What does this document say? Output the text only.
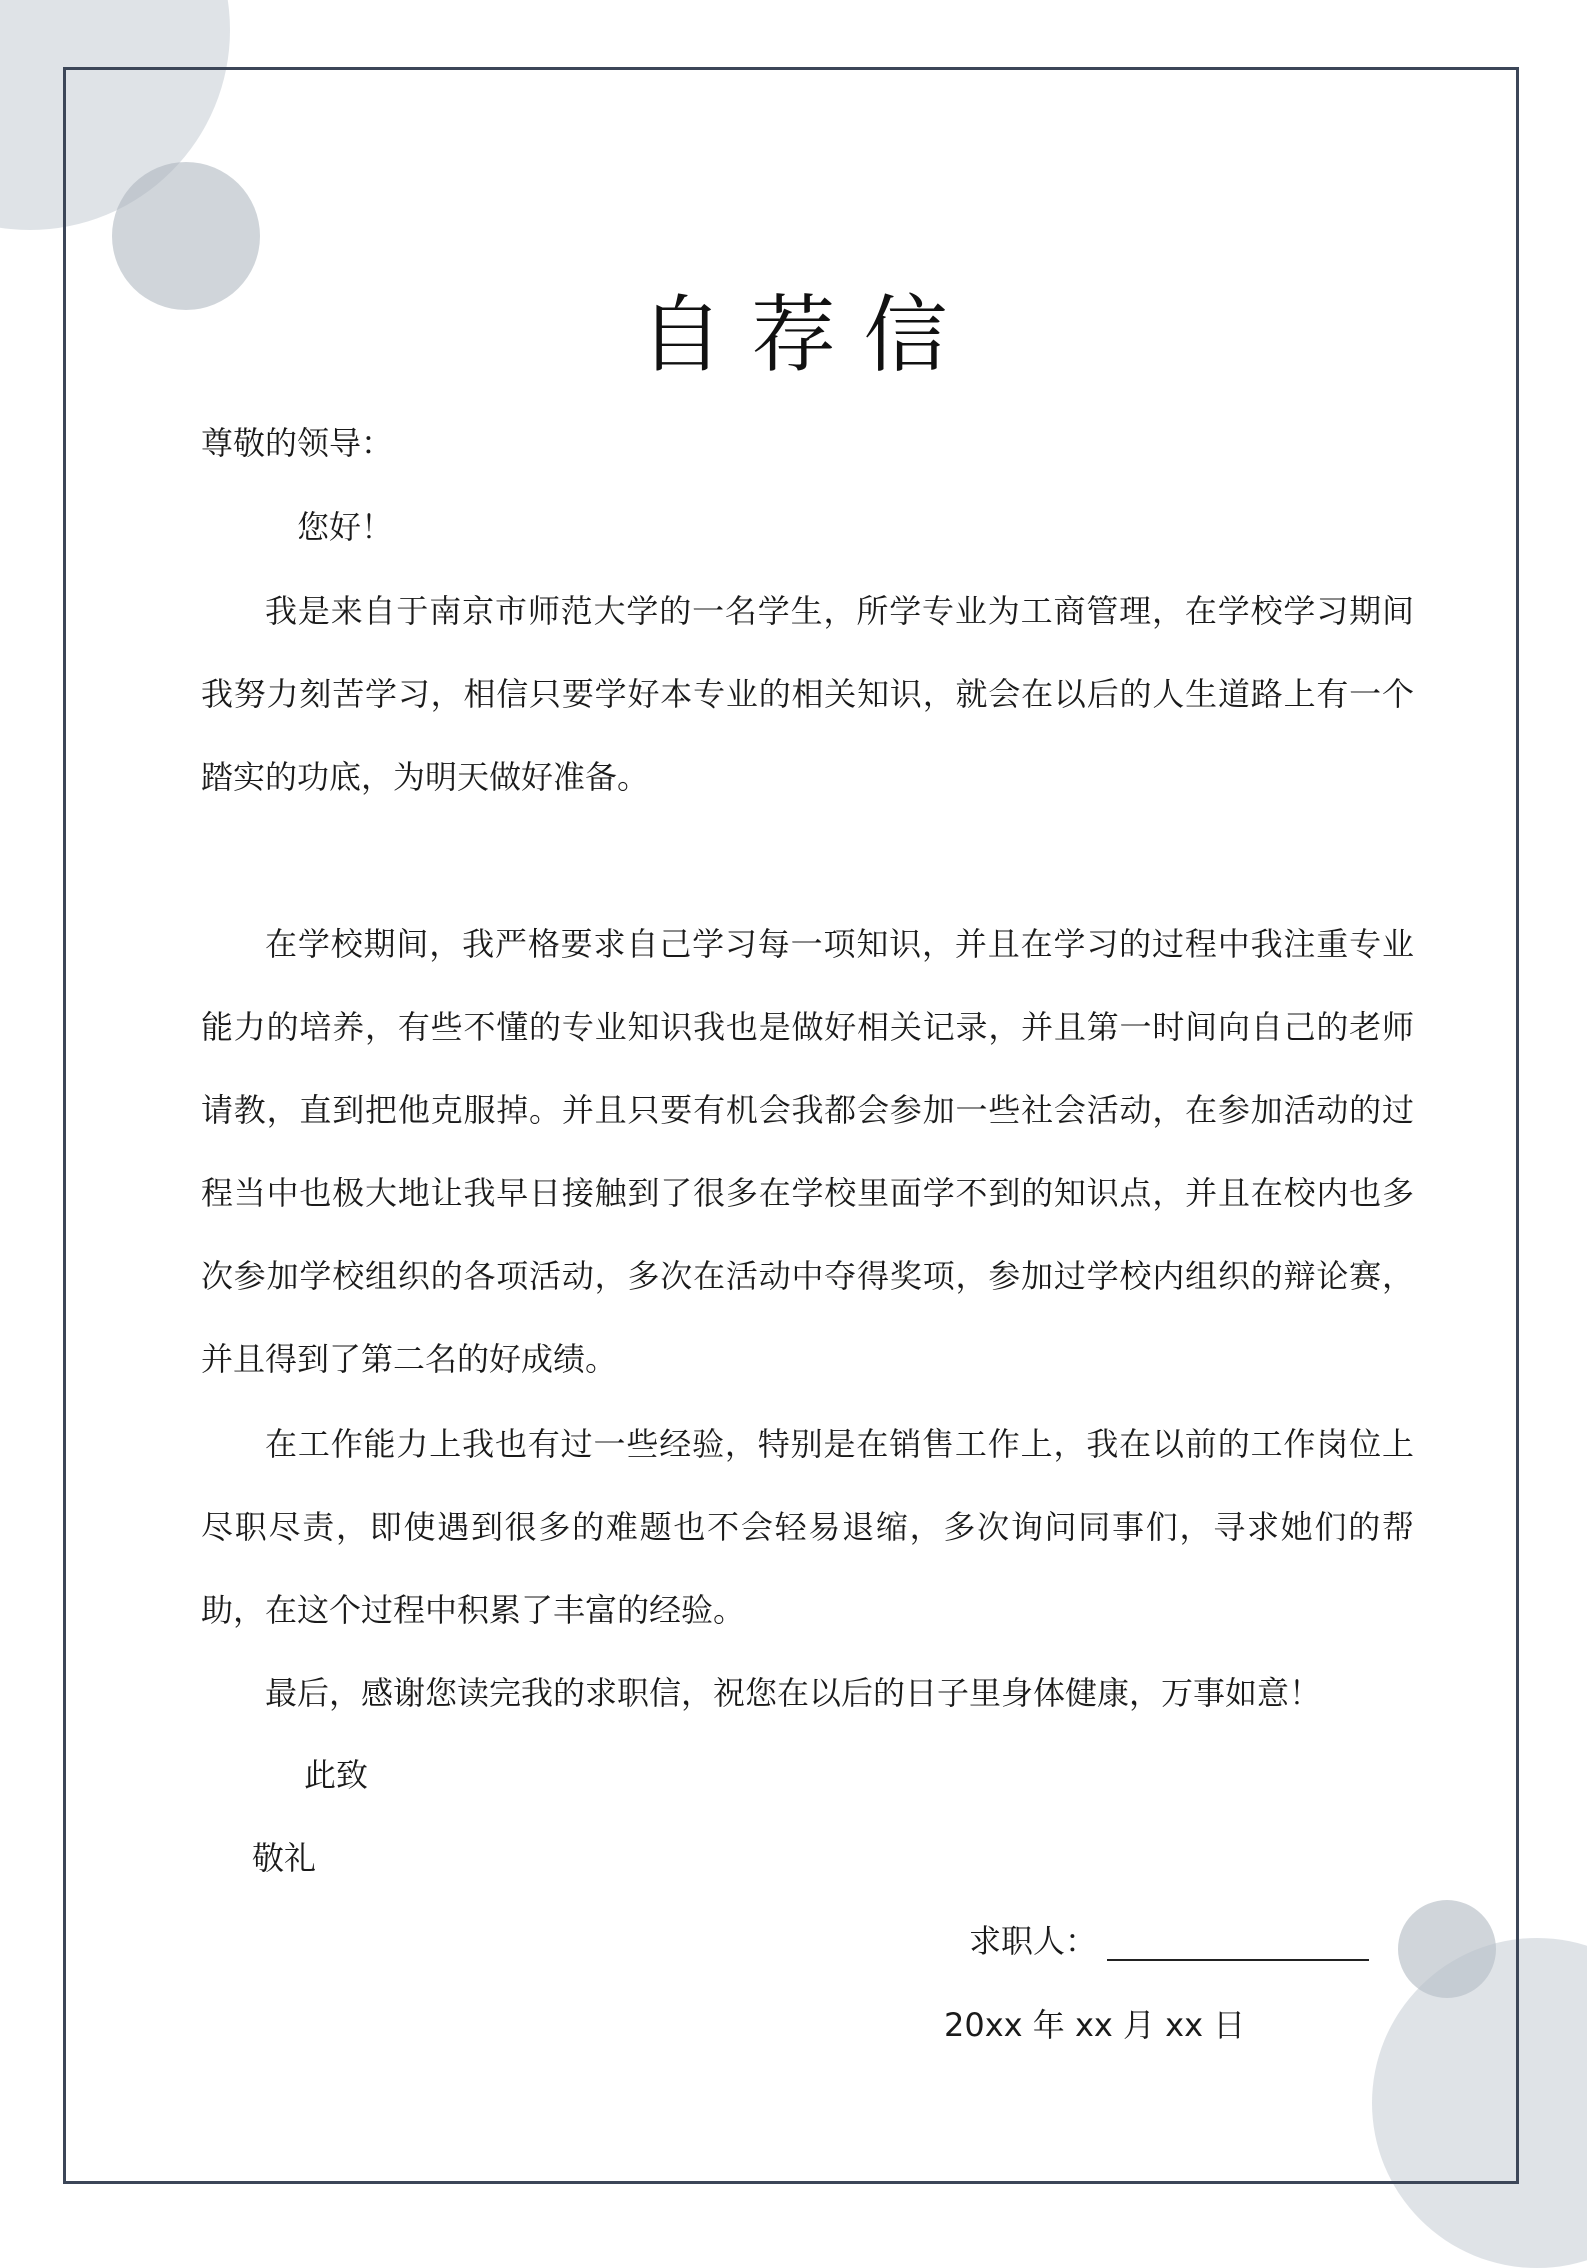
自荐信
尊敬的领导：
您好！
我是来自于南京市师范大学的一名学生，所学专业为工商管理，在学校学习期间我努力刻苦学习，相信只要学好本专业的相关知识，就会在以后的人生道路上有一个踏实的功底，为明天做好准备。
在学校期间，我严格要求自己学习每一项知识，并且在学习的过程中我注重专业能力的培养，有些不懂的专业知识我也是做好相关记录，并且第一时间向自己的老师请教，直到把他克服掉。并且只要有机会我都会参加一些社会活动，在参加活动的过程当中也极大地让我早日接触到了很多在学校里面学不到的知识点，并且在校内也多次参加学校组织的各项活动，多次在活动中夺得奖项，参加过学校内组织的辩论赛，并且得到了第二名的好成绩。
在工作能力上我也有过一些经验，特别是在销售工作上，我在以前的工作岗位上尽职尽责，即使遇到很多的难题也不会轻易退缩，多次询问同事们，寻求她们的帮助，在这个过程中积累了丰富的经验。
最后，感谢您读完我的求职信，祝您在以后的日子里身体健康，万事如意！
此致
敬礼
求职人：
20xx 年 xx 月 xx 日
